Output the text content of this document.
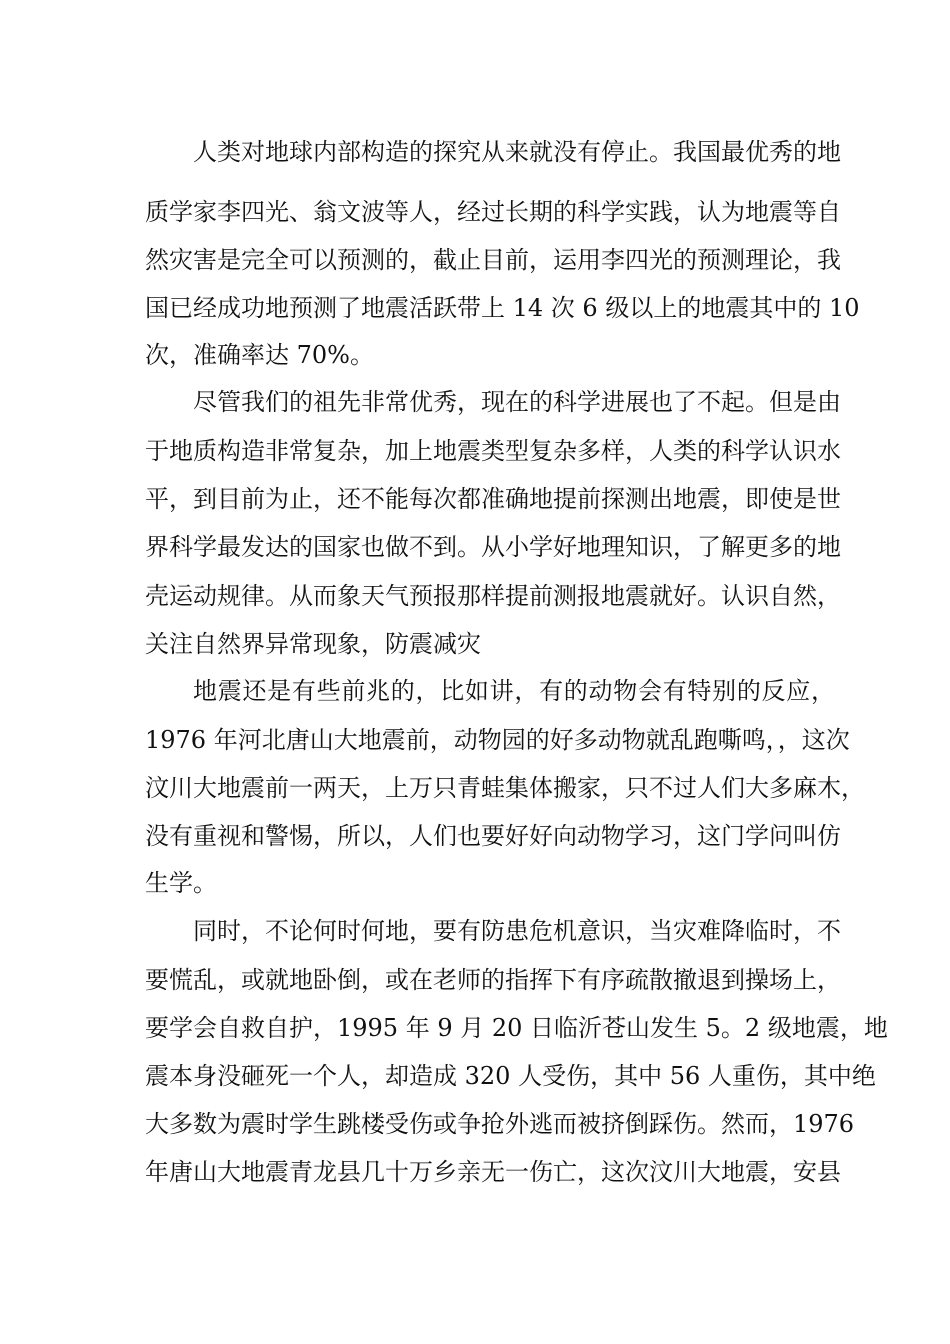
人类对地球内部构造的探究从来就没有停止。我国最优秀的地
质学家李四光、翁文波等人，经过长期的科学实践，认为地震等自
然灾害是完全可以预测的，截止目前，运用李四光的预测理论，我
国已经成功地预测了地震活跃带上 14 次 6 级以上的地震其中的 10
次，准确率达 70%。
尽管我们的祖先非常优秀，现在的科学进展也了不起。但是由
于地质构造非常复杂，加上地震类型复杂多样，人类的科学认识水
平，到目前为止，还不能每次都准确地提前探测出地震，即使是世
界科学最发达的国家也做不到。从小学好地理知识，了解更多的地
壳运动规律。从而象天气预报那样提前测报地震就好。认识自然，
关注自然界异常现象，防震减灾
地震还是有些前兆的，比如讲，有的动物会有特别的反应，
1976 年河北唐山大地震前，动物园的好多动物就乱跑嘶鸣，，这次
汶川大地震前一两天，上万只青蛙集体搬家，只不过人们大多麻木，
没有重视和警惕，所以，人们也要好好向动物学习，这门学问叫仿
生学。
同时，不论何时何地，要有防患危机意识，当灾难降临时，不
要慌乱，或就地卧倒，或在老师的指挥下有序疏散撤退到操场上，
要学会自救自护，1995 年 9 月 20 日临沂苍山发生 5。2 级地震，地
震本身没砸死一个人，却造成 320 人受伤，其中 56 人重伤，其中绝
大多数为震时学生跳楼受伤或争抢外逃而被挤倒踩伤。然而，1976
年唐山大地震青龙县几十万乡亲无一伤亡，这次汶川大地震，安县
